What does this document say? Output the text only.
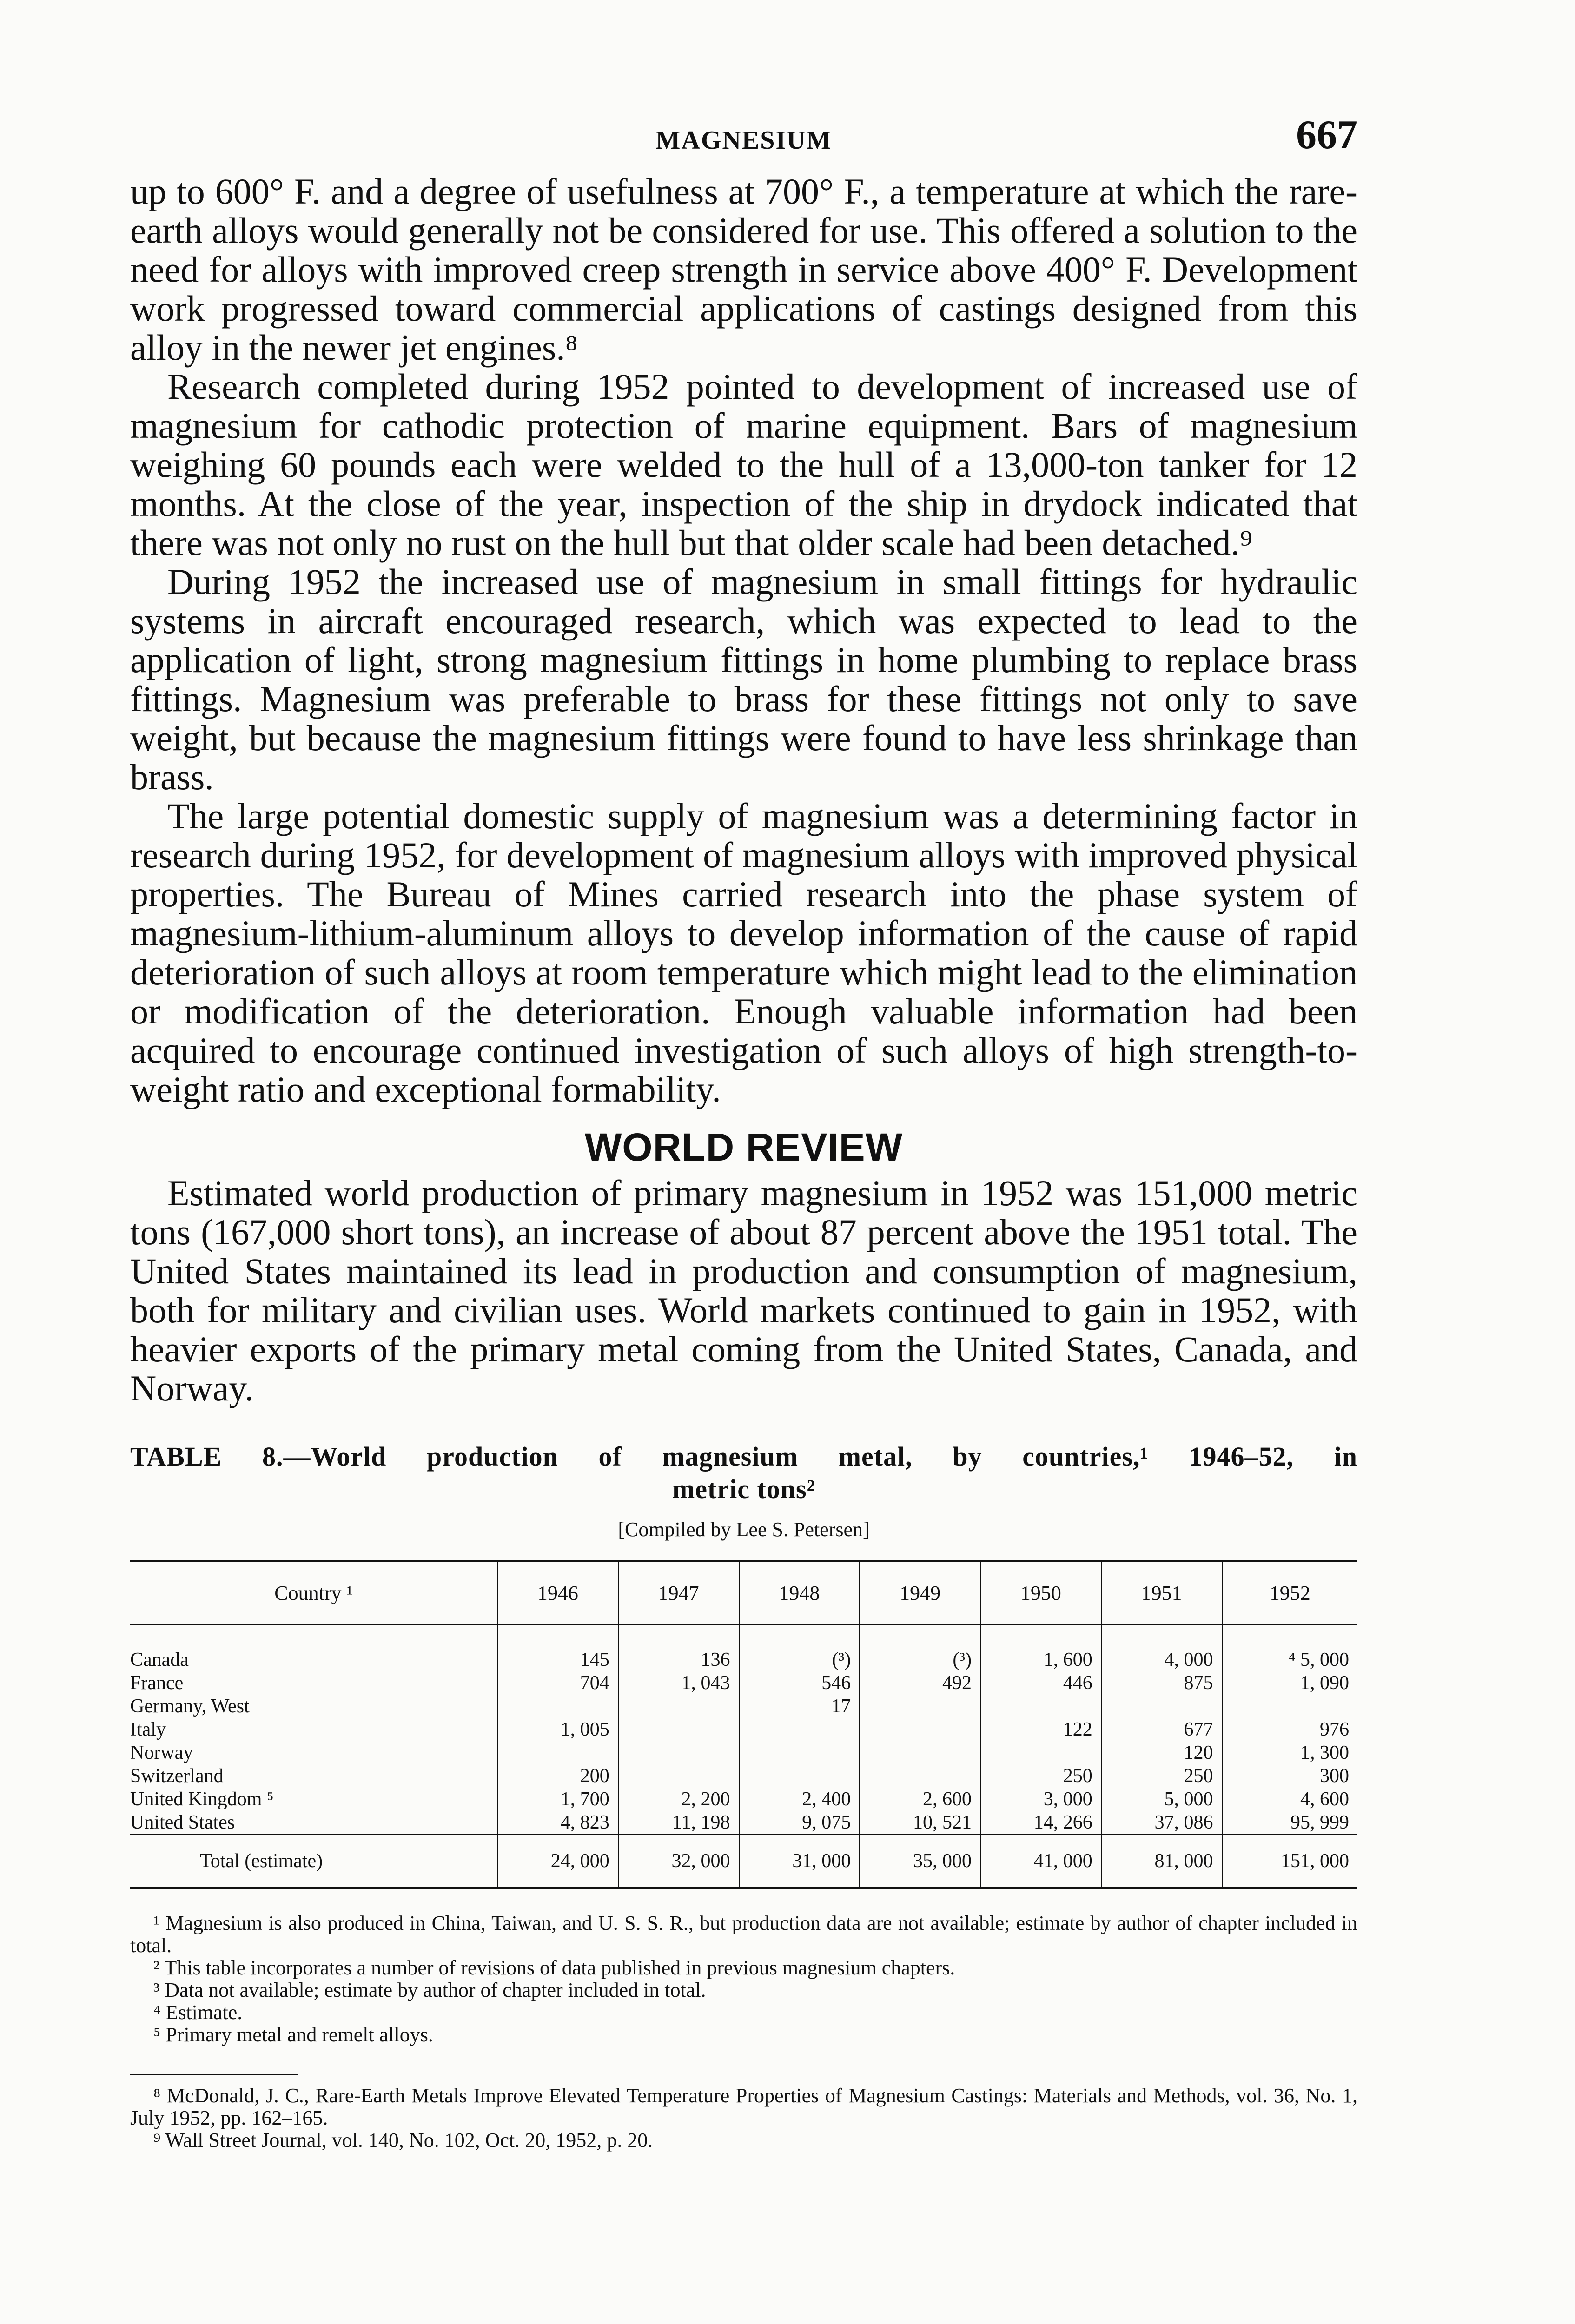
MAGNESIUM	667

up to 600° F. and a degree of usefulness at 700° F., a temperature at which the rare-earth alloys would generally not be considered for use. This offered a solution to the need for alloys with improved creep strength in service above 400° F. Development work progressed toward commercial applications of castings designed from this alloy in the newer jet engines.⁸

Research completed during 1952 pointed to development of increased use of magnesium for cathodic protection of marine equipment. Bars of magnesium weighing 60 pounds each were welded to the hull of a 13,000-ton tanker for 12 months. At the close of the year, inspection of the ship in drydock indicated that there was not only no rust on the hull but that older scale had been detached.⁹

During 1952 the increased use of magnesium in small fittings for hydraulic systems in aircraft encouraged research, which was expected to lead to the application of light, strong magnesium fittings in home plumbing to replace brass fittings. Magnesium was preferable to brass for these fittings not only to save weight, but because the magnesium fittings were found to have less shrinkage than brass.

The large potential domestic supply of magnesium was a determining factor in research during 1952, for development of magnesium alloys with improved physical properties. The Bureau of Mines carried research into the phase system of magnesium-lithium-aluminum alloys to develop information of the cause of rapid deterioration of such alloys at room temperature which might lead to the elimination or modification of the deterioration. Enough valuable information had been acquired to encourage continued investigation of such alloys of high strength-to-weight ratio and exceptional formability.

WORLD REVIEW

Estimated world production of primary magnesium in 1952 was 151,000 metric tons (167,000 short tons), an increase of about 87 percent above the 1951 total. The United States maintained its lead in production and consumption of magnesium, both for military and civilian uses. World markets continued to gain in 1952, with heavier exports of the primary metal coming from the United States, Canada, and Norway.

TABLE 8.—World production of magnesium metal, by countries,¹ 1946–52, in
metric tons²
[Compiled by Lee S. Petersen]
Country ¹	1946	1947	1948	1949	1950	1951	1952
Canada	145	136	(³)	(³)	1, 600	4, 000	⁴ 5, 000
France	704	1, 043	546	492	446	875	1, 090
Germany, West			17				
Italy	1, 005				122	677	976
Norway						120	1, 300
Switzerland	200				250	250	300
United Kingdom ⁵	1, 700	2, 200	2, 400	2, 600	3, 000	5, 000	4, 600
United States	4, 823	11, 198	9, 075	10, 521	14, 266	37, 086	95, 999
Total (estimate)	24, 000	32, 000	31, 000	35, 000	41, 000	81, 000	151, 000

¹ Magnesium is also produced in China, Taiwan, and U. S. S. R., but production data are not available; estimate by author of chapter included in total.

² This table incorporates a number of revisions of data published in previous magnesium chapters.

³ Data not available; estimate by author of chapter included in total.

⁴ Estimate.

⁵ Primary metal and remelt alloys.

⁸ McDonald, J. C., Rare-Earth Metals Improve Elevated Temperature Properties of Magnesium Castings: Materials and Methods, vol. 36, No. 1, July 1952, pp. 162–165.

⁹ Wall Street Journal, vol. 140, No. 102, Oct. 20, 1952, p. 20.
